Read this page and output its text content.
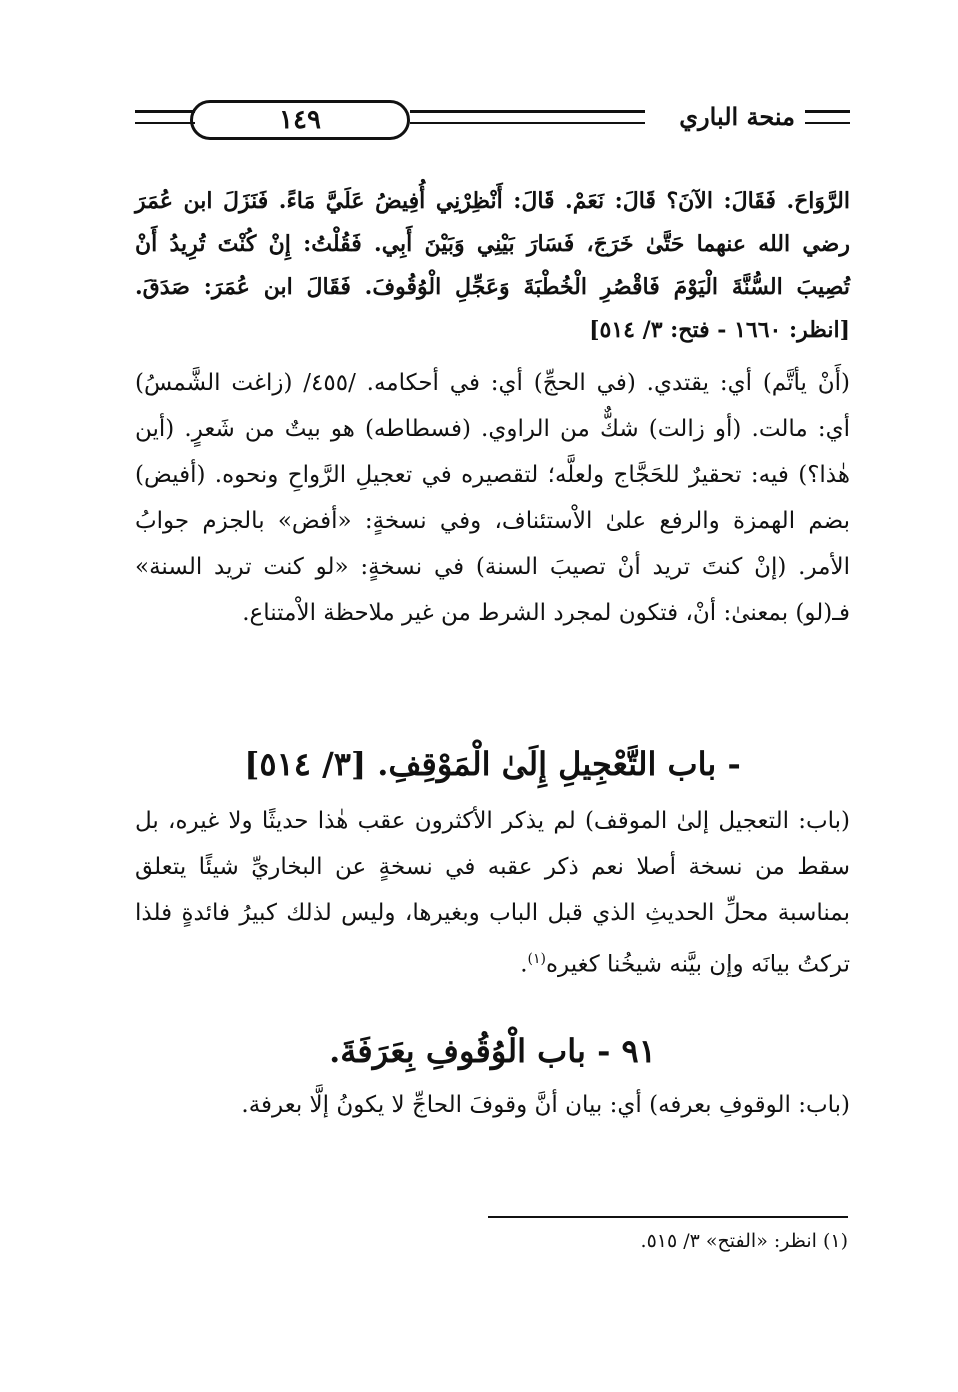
١٤٩	منحة الباري
الرَّوَاحَ. فَقَالَ: الآنَ؟ قَالَ: نَعَمْ. قَالَ: أَنْظِرْنِي أُفِيضُ عَلَيَّ مَاءً. فَنَزَلَ ابن عُمَرَ رضي الله عنهما حَتَّىٰ خَرَجَ، فَسَارَ بَيْنِي وَبَيْنَ أَبِي. فَقُلْتُ: إِنْ كُنْتَ تُرِيدُ أَنْ تُصِيبَ السُّنَّةَ الْيَوْمَ فَاقْصُرِ الْخُطْبَةَ وَعَجِّلِ الْوُقُوفَ. فَقَالَ ابن عُمَرَ: صَدَقَ. [انظر: ١٦٦٠ - فتح: ٣/ ٥١٤]
(أَنْ يأتَّم) أي: يقتدي. (في الحجِّ) أي: في أحكامه. /٤٥٥/ (زاغت الشَّمسُ) أي: مالت. (أو زالت) شكٌّ من الراوي. (فسطاطه) هو بيتٌ من شَعرٍ. (أين هٰذا؟) فيه: تحقيرٌ للحَجَّاج ولعلَّه؛ لتقصيره في تعجيلِ الرَّواحِ ونحوه. (أفيض) بضم الهمزة والرفع علىٰ الاْستئناف، وفي نسخةٍ: «أفض» بالجزم جوابُ الأمر. (إنْ كنتَ تريد أنْ تصيبَ السنة) في نسخةٍ: «لو كنت تريد السنة» فـ(لو) بمعنىٰ: أنْ، فتكون لمجرد الشرط من غير ملاحظة الاْمتناع.
- باب التَّعْجِيلِ إِلَىٰ الْمَوْقِفِ. [٣/ ٥١٤]
(باب: التعجيل إلىٰ الموقف) لم يذكر الأكثرون عقب هٰذا حديثًا ولا غيره، بل سقط من نسخة أصلا نعم ذكر عقبه في نسخةٍ عن البخاريِّ شيئًا يتعلق بمناسبة محلِّ الحديثِ الذي قبل الباب وبغيرها، وليس لذلك كبيرُ فائدةٍ فلذا تركتُ بيانَه وإن بيَّنه شيخُنا كغيره$^{(١)}$.
٩١ - باب الْوُقُوفِ بِعَرَفَةَ.
(باب: الوقوفِ بعرفه) أي: بيان أنَّ وقوفَ الحاجِّ لا يكونُ إلَّا بعرفة.
(١) انظر: «الفتح» ٣/ ٥١٥.
